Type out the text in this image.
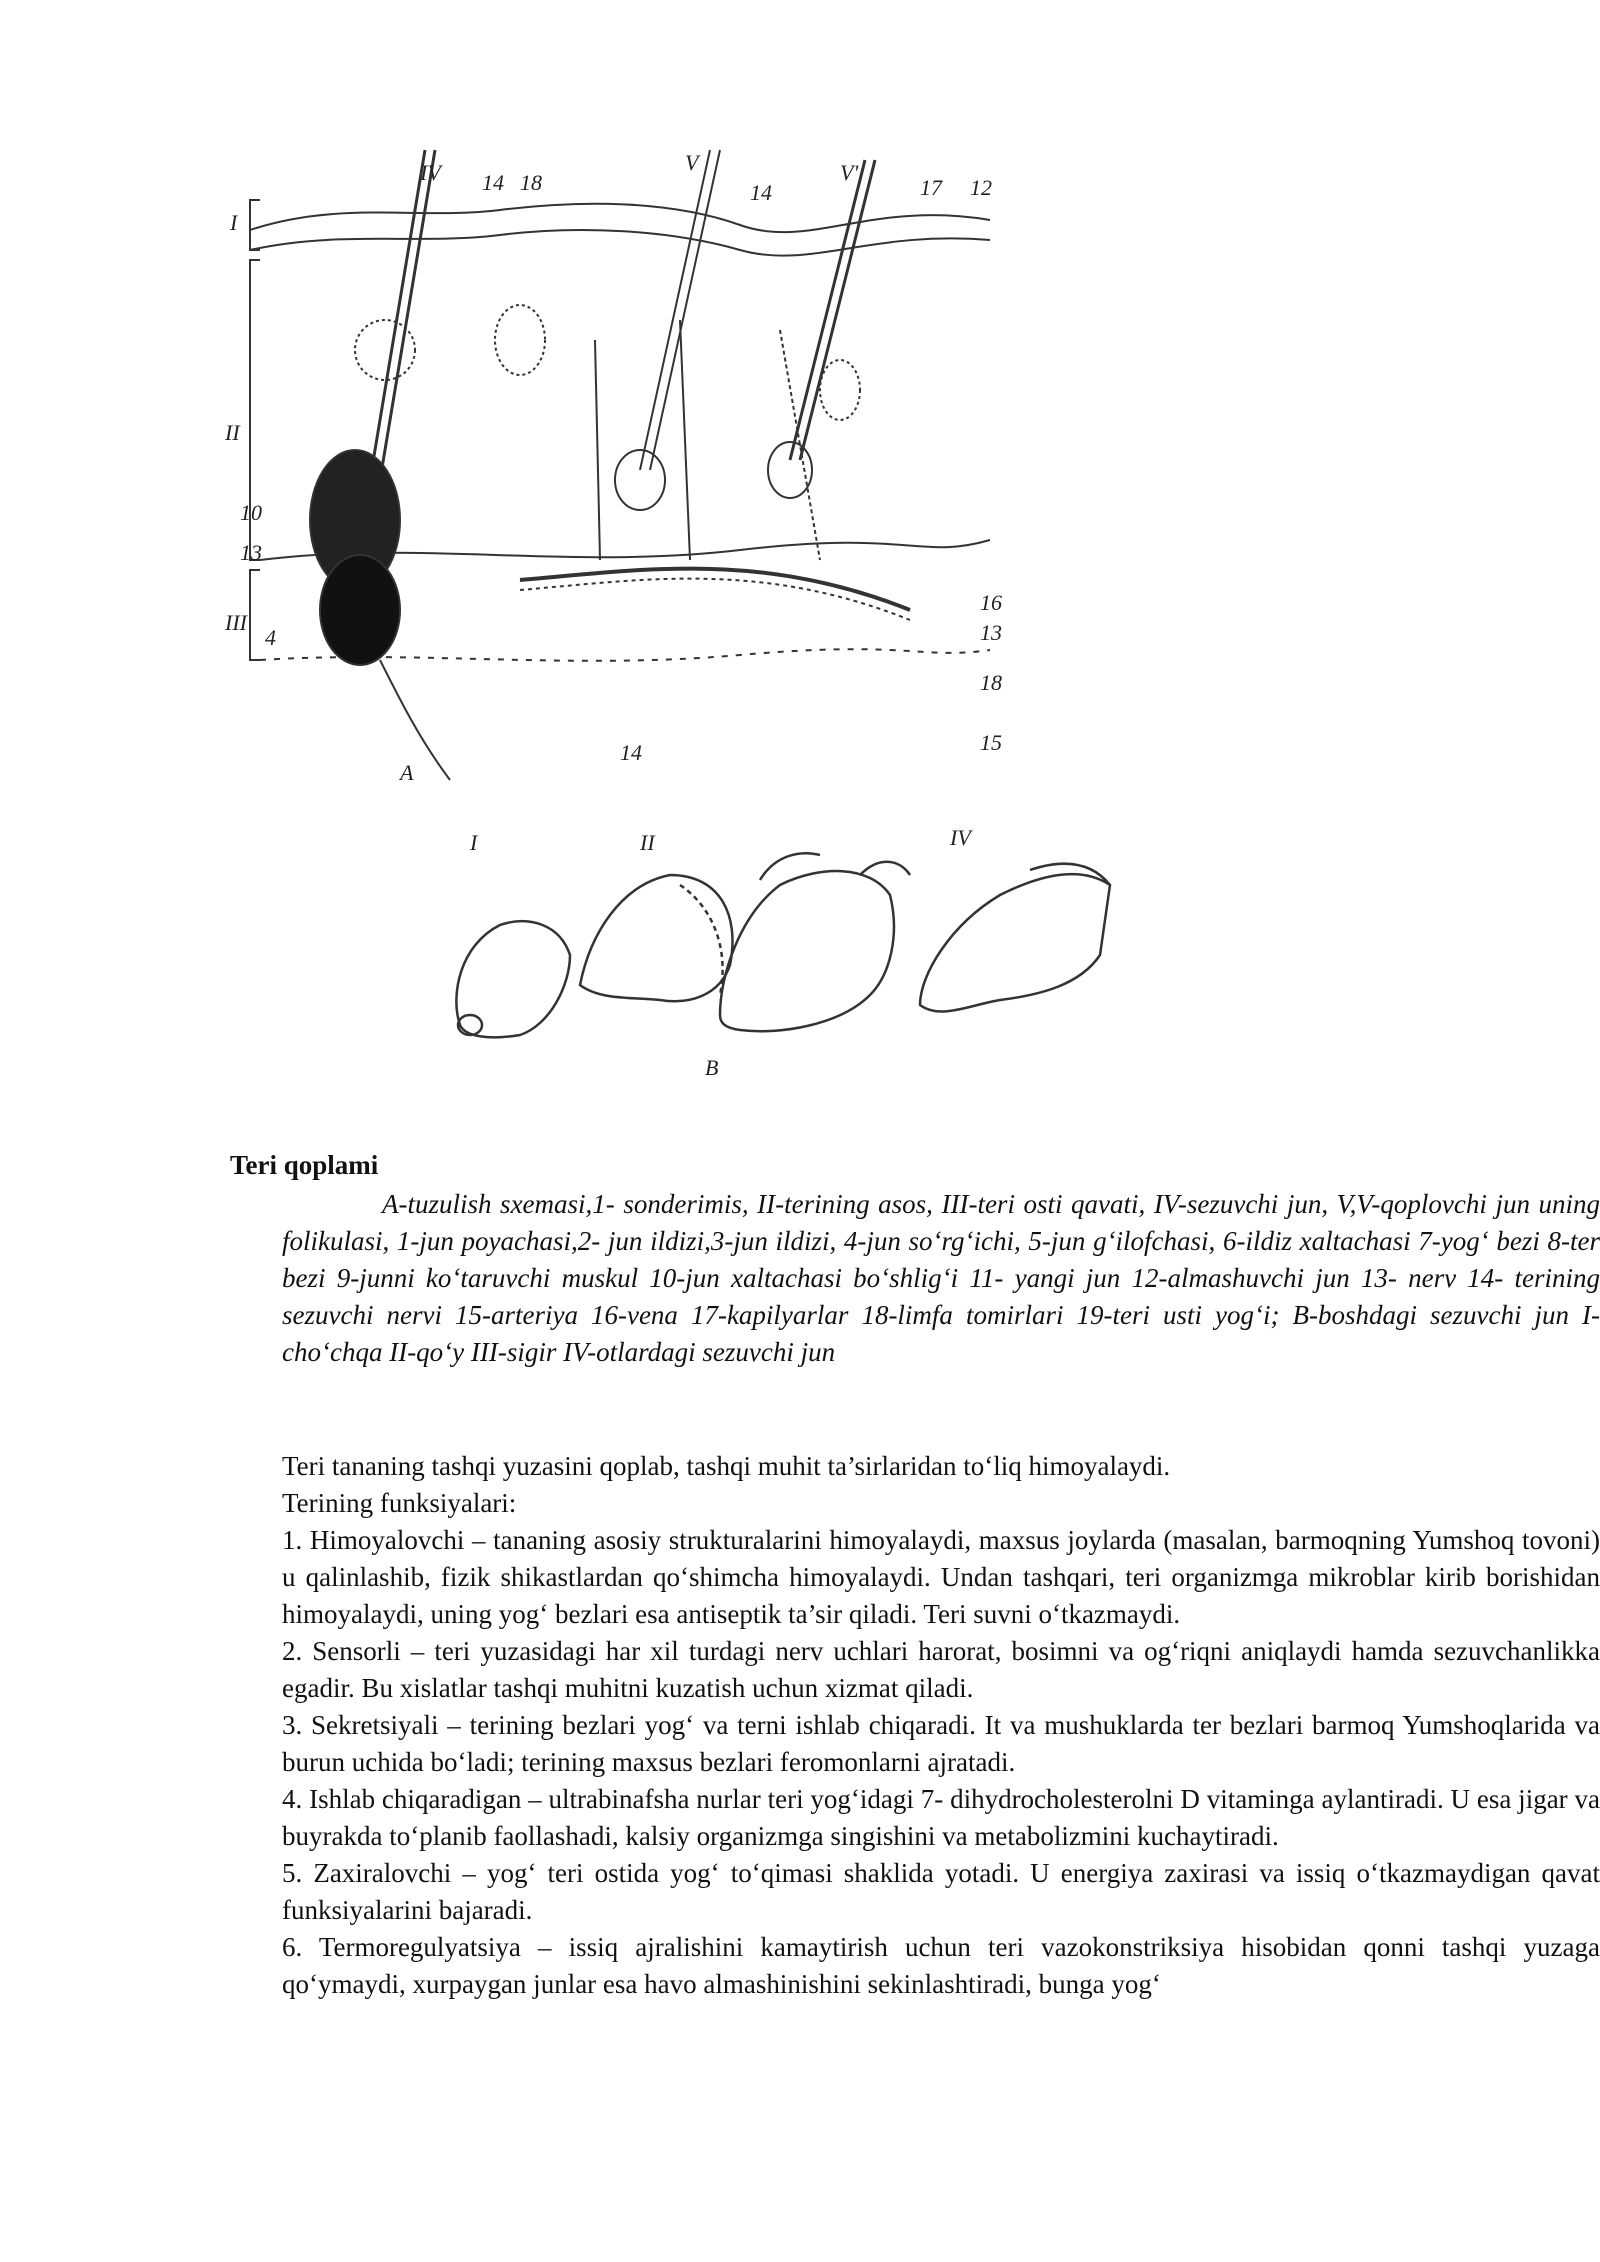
I
II
III
A
IV 14 18
V
14
V'
17 12
10
13
4
16
13
18
15
14
I	II	IV
B
Teri qoplami
A-tuzulish sxemasi,1- sonderimis, II-terining asos, III-teri osti qavati, IV-sezuvchi jun, V,V-qoplovchi jun uning folikulasi, 1-jun poyachasi,2- jun ildizi,3-jun ildizi, 4-jun so‘rg‘ichi, 5-jun g‘ilofchasi, 6-ildiz xaltachasi 7-yog‘ bezi 8-ter bezi 9-junni ko‘taruvchi muskul 10-jun xaltachasi bo‘shlig‘i 11- yangi jun 12-almashuvchi jun 13- nerv 14- terining sezuvchi nervi 15-arteriya 16-vena 17-kapilyarlar 18-limfa tomirlari 19-teri usti yog‘i; B-boshdagi sezuvchi jun I-cho‘chqa II-qo‘y III-sigir IV-otlardagi sezuvchi jun

Teri tananing tashqi yuzasini qoplab, tashqi muhit ta’sirlaridan to‘liq himoyalaydi.

Terining funksiyalari:

1. Himoyalovchi – tananing asosiy strukturalarini himoyalaydi, maxsus joylarda (masalan, barmoqning Yumshoq tovoni) u qalinlashib, fizik shikastlardan qo‘shimcha himoyalaydi. Undan tashqari, teri organizmga mikroblar kirib borishidan himoyalaydi, uning yog‘ bezlari esa antiseptik ta’sir qiladi. Teri suvni o‘tkazmaydi.

2. Sensorli – teri yuzasidagi har xil turdagi nerv uchlari harorat, bosimni va og‘riqni aniqlaydi hamda sezuvchanlikka egadir. Bu xislatlar tashqi muhitni kuzatish uchun xizmat qiladi.

3. Sekretsiyali – terining bezlari yog‘ va terni ishlab chiqaradi. It va mushuklarda ter bezlari barmoq Yumshoqlarida va burun uchida bo‘ladi; terining maxsus bezlari feromonlarni ajratadi.

4. Ishlab chiqaradigan – ultrabinafsha nurlar teri yog‘idagi 7- dihydrocholesterolni D vitaminga aylantiradi. U esa jigar va buyrakda to‘planib faollashadi, kalsiy organizmga singishini va metabolizmini kuchaytiradi.

5. Zaxiralovchi – yog‘ teri ostida yog‘ to‘qimasi shaklida yotadi. U energiya zaxirasi va issiq o‘tkazmaydigan qavat funksiyalarini bajaradi.

6. Termoregulyatsiya – issiq ajralishini kamaytirish uchun teri vazokonstriksiya hisobidan qonni tashqi yuzaga qo‘ymaydi, xurpaygan junlar esa havo almashinishini sekinlashtiradi, bunga yog‘
